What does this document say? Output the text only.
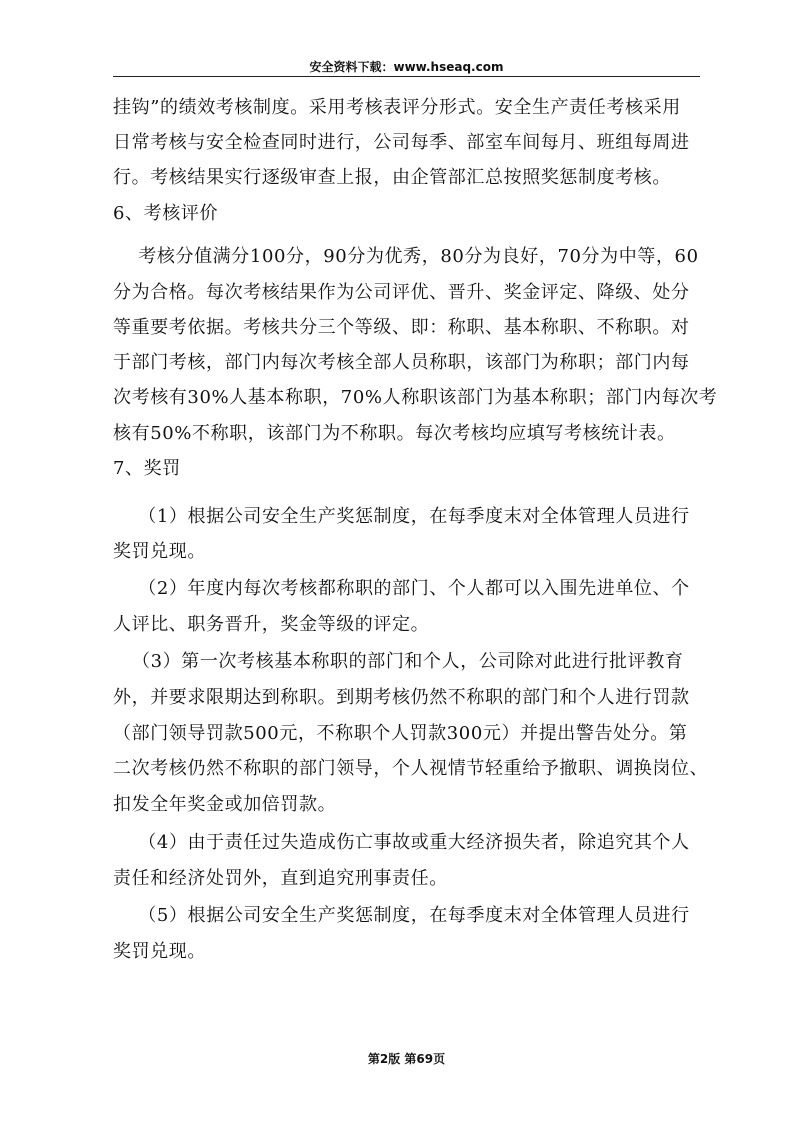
安全资料下载：www.hseaq.com
挂钩”的绩效考核制度。采用考核表评分形式。安全生产责任考核采用
日常考核与安全检查同时进行，公司每季、部室车间每月、班组每周进
行。考核结果实行逐级审查上报，由企管部汇总按照奖惩制度考核。
6、考核评价
考核分值满分100分，90分为优秀，80分为良好，70分为中等，60
分为合格。每次考核结果作为公司评优、晋升、奖金评定、降级、处分
等重要考依据。考核共分三个等级、即：称职、基本称职、不称职。对
于部门考核，部门内每次考核全部人员称职，该部门为称职；部门内每
次考核有30%人基本称职，70%人称职该部门为基本称职；部门内每次考
核有50%不称职，该部门为不称职。每次考核均应填写考核统计表。
7、奖罚
（1）根据公司安全生产奖惩制度，在每季度末对全体管理人员进行
奖罚兑现。
（2）年度内每次考核都称职的部门、个人都可以入围先进单位、个
人评比、职务晋升，奖金等级的评定。
（3）第一次考核基本称职的部门和个人，公司除对此进行批评教育
外，并要求限期达到称职。到期考核仍然不称职的部门和个人进行罚款
（部门领导罚款500元，不称职个人罚款300元）并提出警告处分。第
二次考核仍然不称职的部门领导，个人视情节轻重给予撤职、调换岗位、
扣发全年奖金或加倍罚款。
（4）由于责任过失造成伤亡事故或重大经济损失者，除追究其个人
责任和经济处罚外，直到追究刑事责任。
（5）根据公司安全生产奖惩制度，在每季度末对全体管理人员进行
奖罚兑现。
第2版 第69页
